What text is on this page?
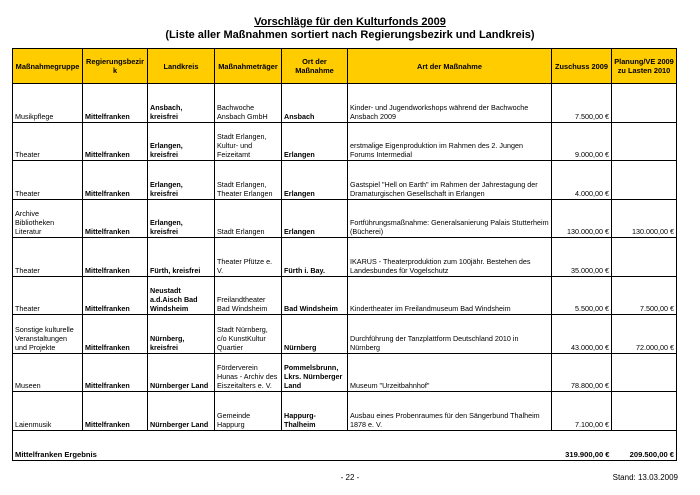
Vorschläge für den Kulturfonds 2009
(Liste aller Maßnahmen sortiert nach Regierungsbezirk und Landkreis)
Maßnahmegruppe	Regierungsbezirk	Landkreis	Maßnahmeträger	Ort der Maßnahme	Art der Maßnahme	Zuschuss 2009	Planung/VE 2009 zu Lasten 2010
Musikpflege	Mittelfranken	Ansbach, kreisfrei	Bachwoche Ansbach GmbH	Ansbach	Kinder- und Jugendworkshops während der Bachwoche Ansbach 2009	7.500,00 €	
Theater	Mittelfranken	Erlangen, kreisfrei	Stadt Erlangen, Kultur- und Feizeitamt	Erlangen	erstmalige Eigenproduktion im Rahmen des 2. Jungen Forums Intermedial	9.000,00 €	
Theater	Mittelfranken	Erlangen, kreisfrei	Stadt Erlangen, Theater Erlangen	Erlangen	Gastspiel "Hell on Earth" im Rahmen der Jahrestagung der Dramaturgischen Gesellschaft in Erlangen	4.000,00 €	
Archive Bibliotheken Literatur	Mittelfranken	Erlangen, kreisfrei	Stadt Erlangen	Erlangen	Fortführungsmaßnahme: Generalsanierung Palais Stutterheim (Bücherei)	130.000,00 €	130.000,00 €
Theater	Mittelfranken	Fürth, kreisfrei	Theater Pfütze e. V.	Fürth i. Bay.	IKARUS - Theaterproduktion zum 100jähr. Bestehen des Landesbundes für Vogelschutz	35.000,00 €	
Theater	Mittelfranken	Neustadt a.d.Aisch Bad Windsheim	Freilandtheater Bad Windsheim	Bad Windsheim	Kindertheater im Freilandmuseum Bad Windsheim	5.500,00 €	7.500,00 €
Sonstige kulturelle Veranstaltungen und Projekte	Mittelfranken	Nürnberg, kreisfrei	Stadt Nürnberg, c/o KunstKultur Quartier	Nürnberg	Durchführung der Tanzplattform Deutschland 2010 in Nürnberg	43.000,00 €	72.000,00 €
Museen	Mittelfranken	Nürnberger Land	Förderverein Hunas - Archiv des Eiszeitalters e. V.	Pommelsbrunn, Lkrs. Nürnberger Land	Museum "Urzeitbahnhof"	78.800,00 €	
Laienmusik	Mittelfranken	Nürnberger Land	Gemeinde Happurg	Happurg-Thalheim	Ausbau eines Probenraumes für den Sängerbund Thalheim 1878 e. V.	7.100,00 €	

Mittelfranken Ergebnis						319.900,00 €	209.500,00 €
- 22 -	Stand: 13.03.2009
